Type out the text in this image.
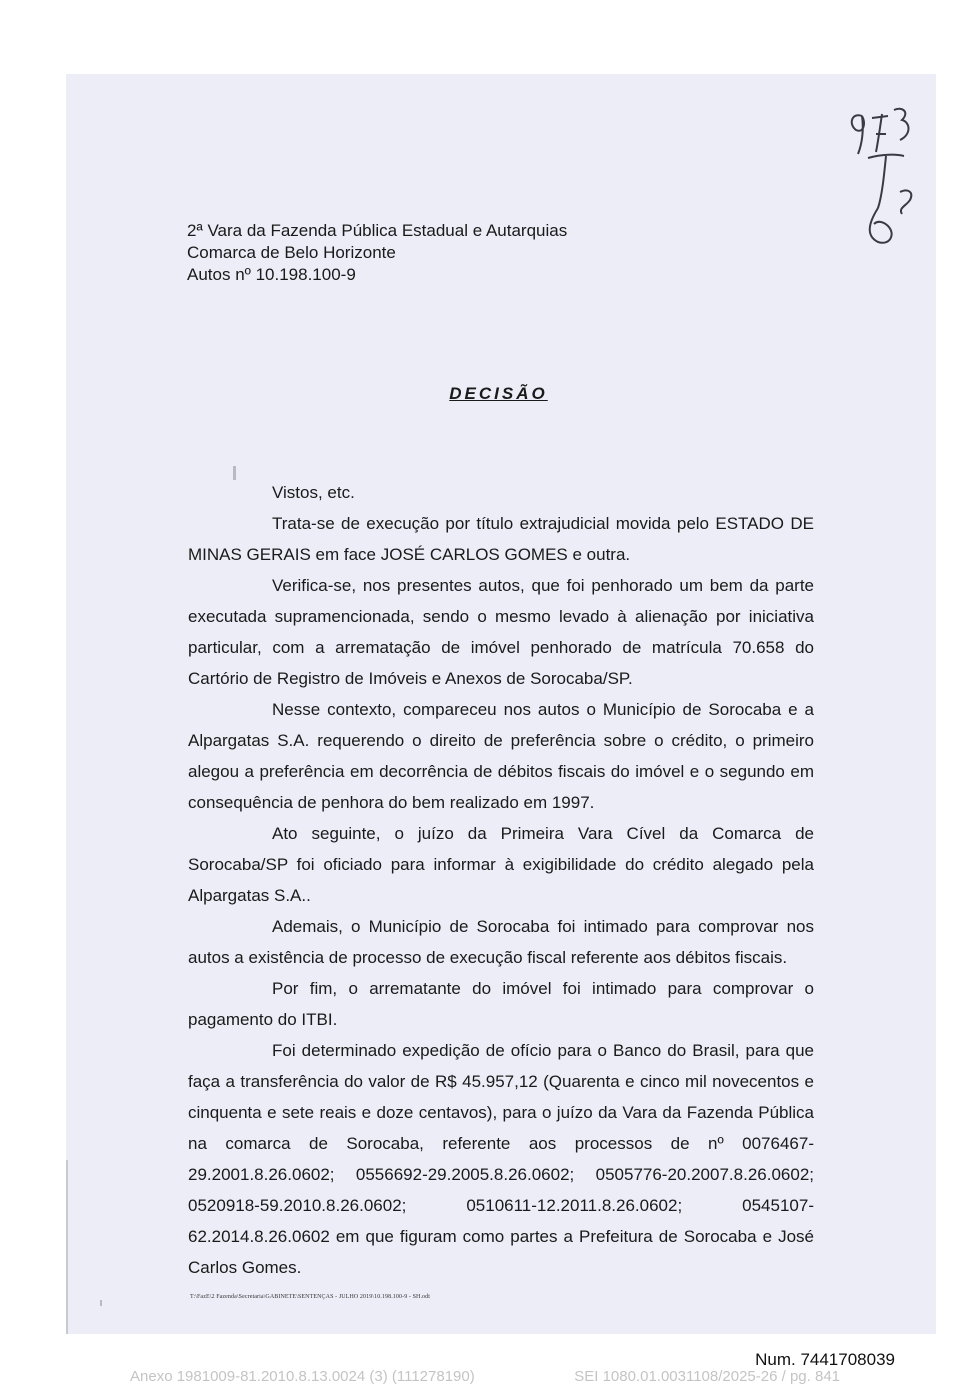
973
2ª Vara da Fazenda Pública Estadual e Autarquias
Comarca de Belo Horizonte
Autos nº 10.198.100-9
DECISÃO

Vistos, etc.

Trata-se de execução por título extrajudicial movida pelo ESTADO DE MINAS GERAIS em face JOSÉ CARLOS GOMES e outra.

Verifica-se, nos presentes autos, que foi penhorado um bem da parte executada supramencionada, sendo o mesmo levado à alienação por iniciativa particular, com a arrematação de imóvel penhorado de matrícula 70.658 do Cartório de Registro de Imóveis e Anexos de Sorocaba/SP.

Nesse contexto, compareceu nos autos o Município de Sorocaba e a Alpargatas S.A. requerendo o direito de preferência sobre o crédito, o primeiro alegou a preferência em decorrência de débitos fiscais do imóvel e o segundo em consequência de penhora do bem realizado em 1997.

Ato seguinte, o juízo da Primeira Vara Cível da Comarca de Sorocaba/SP foi oficiado para informar à exigibilidade do crédito alegado pela Alpargatas S.A..

Ademais, o Município de Sorocaba foi intimado para comprovar nos autos a existência de processo de execução fiscal referente aos débitos fiscais.

Por fim, o arrematante do imóvel foi intimado para comprovar o pagamento do ITBI.

Foi determinado expedição de ofício para o Banco do Brasil, para que faça a transferência do valor de R$ 45.957,12 (Quarenta e cinco mil novecentos e cinquenta e sete reais e doze centavos), para o juízo da Vara da Fazenda Pública na comarca de Sorocaba, referente aos processos de nº 0076467-29.2001.8.26.0602; 0556692-29.2005.8.26.0602; 0505776-20.2007.8.26.0602; 0520918-59.2010.8.26.0602; 0510611-12.2011.8.26.0602; 0545107-62.2014.8.26.0602 em que figuram como partes a Prefeitura de Sorocaba e José Carlos Gomes.

T:\FazE\2 Fazenda\Secretaria\GABINETE\SENTENÇAS - JULHO 2019\10.198.100-9 - SH.odt
Num. 7441708039
Anexo 1981009-81.2010.8.13.0024 (3) (111278190)	SEI 1080.01.0031108/2025-26 / pg. 841
